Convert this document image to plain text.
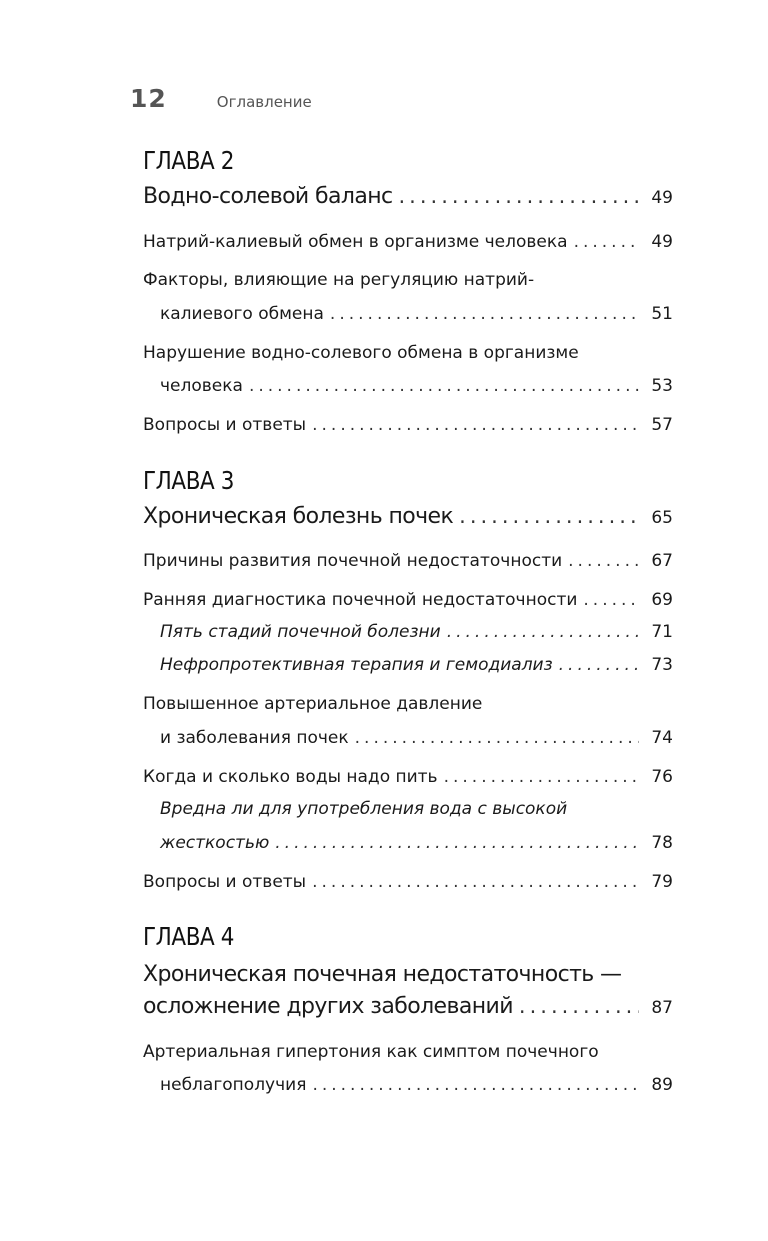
12	Оглавление
ГЛАВА 2
Водно-солевой баланс .....	49
Натрий-калиевый обмен в организме человека .....	49
Факторы, влияющие на регуляцию натрий-
калиевого обмена .....	51
Нарушение водно-солевого обмена в организме
человека .....	53
Вопросы и ответы .....	57
ГЛАВА 3
Хроническая болезнь почек .....	65
Причины развития почечной недостаточности .....	67
Ранняя диагностика почечной недостаточности .....	69
Пять стадий почечной болезни .....	71
Нефропротективная терапия и гемодиализ .....	73
Повышенное артериальное давление
и заболевания почек .....	74
Когда и сколько воды надо пить .....	76
Вредна ли для употребления вода с высокой
жесткостью .....	78
Вопросы и ответы .....	79
ГЛАВА 4
Хроническая почечная недостаточность —
осложнение других заболеваний .....	87
Артериальная гипертония как симптом почечного
неблагополучия .....	89
